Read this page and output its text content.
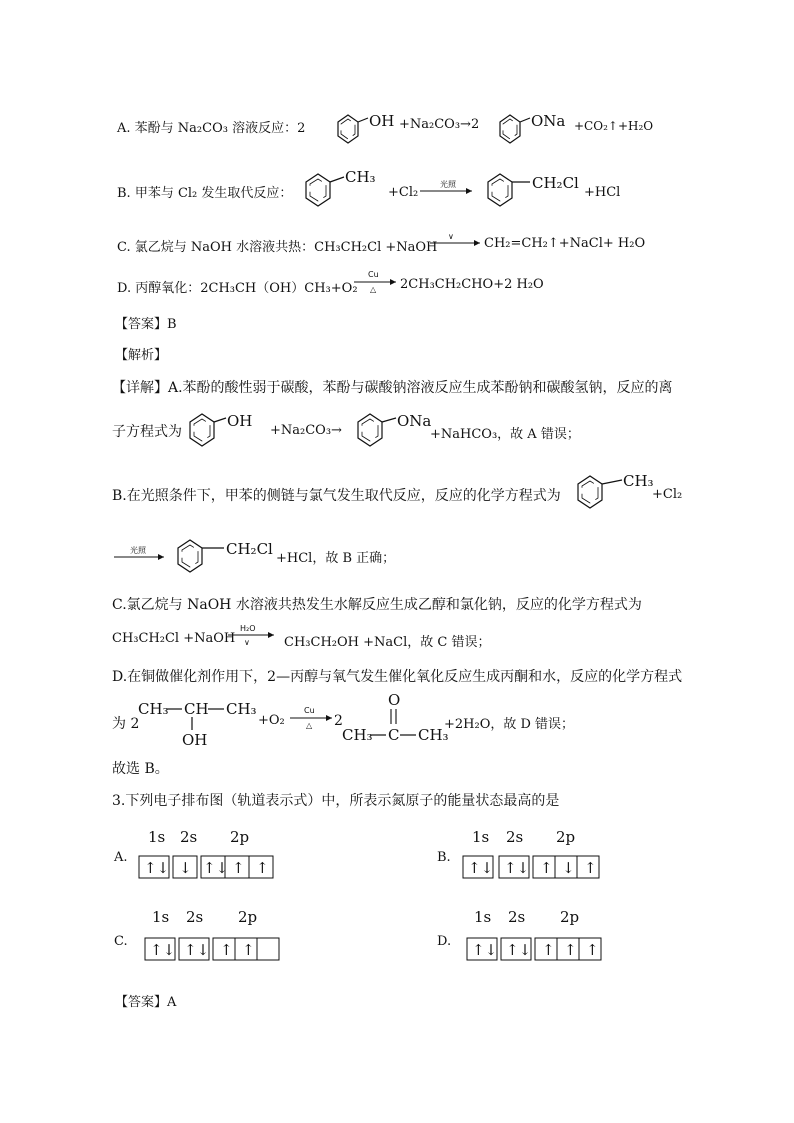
A. 苯酚与 Na₂CO₃ 溶液反应：2	OH +Na₂CO₃→2	ONa +CO₂↑+H₂O
B. 甲苯与 Cl₂ 发生取代反应：
CH₃
+Cl₂
光照	CH₂Cl
+HCl
C. 氯乙烷与 NaOH 水溶液共热：CH₃CH₂Cl +NaOH
∨ CH₂=CH₂↑+NaCl+ H₂O
D. 丙醇氧化：2CH₃CH（OH）CH₃+O₂
Cu
△ 2CH₃CH₂CHO+2 H₂O
【答案】B
【解析】
【详解】A.苯酚的酸性弱于碳酸，苯酚与碳酸钠溶液反应生成苯酚钠和碳酸氢钠，反应的离
子方程式为
OH
+Na₂CO₃→
ONa
+NaHCO₃，故 A 错误；
B.在光照条件下，甲苯的侧链与氯气发生取代反应，反应的化学方程式为
CH₃
+Cl₂
光照	CH₂Cl
+HCl，故 B 正确；
C.氯乙烷与 NaOH 水溶液共热发生水解反应生成乙醇和氯化钠，反应的化学方程式为
CH₃CH₂Cl +NaOH
H₂O
∨	CH₃CH₂OH +NaCl，故 C 错误；
D.在铜做催化剂作用下，2—丙醇与氧气发生催化氧化反应生成丙酮和水，反应的化学方程式
为 2
CH₃ CH CH₃
OH
+O₂
Cu
△ 2
O
CH₃ C CH₃
+2H₂O，故 D 错误；
故选 B。
3.下列电子排布图（轨道表示式）中，所表示氮原子的能量状态最高的是
A.
1s 2s 2p
↑↓ ↓ ↑↓ ↑ ↑
B.
1s 2s 2p
↑↓ ↑↓ ↑ ↓ ↑
C.
1s 2s 2p
↑↓ ↑↓ ↑ ↑	D.
1s 2s 2p
↑↓ ↑↓ ↑ ↑ ↑
【答案】A
